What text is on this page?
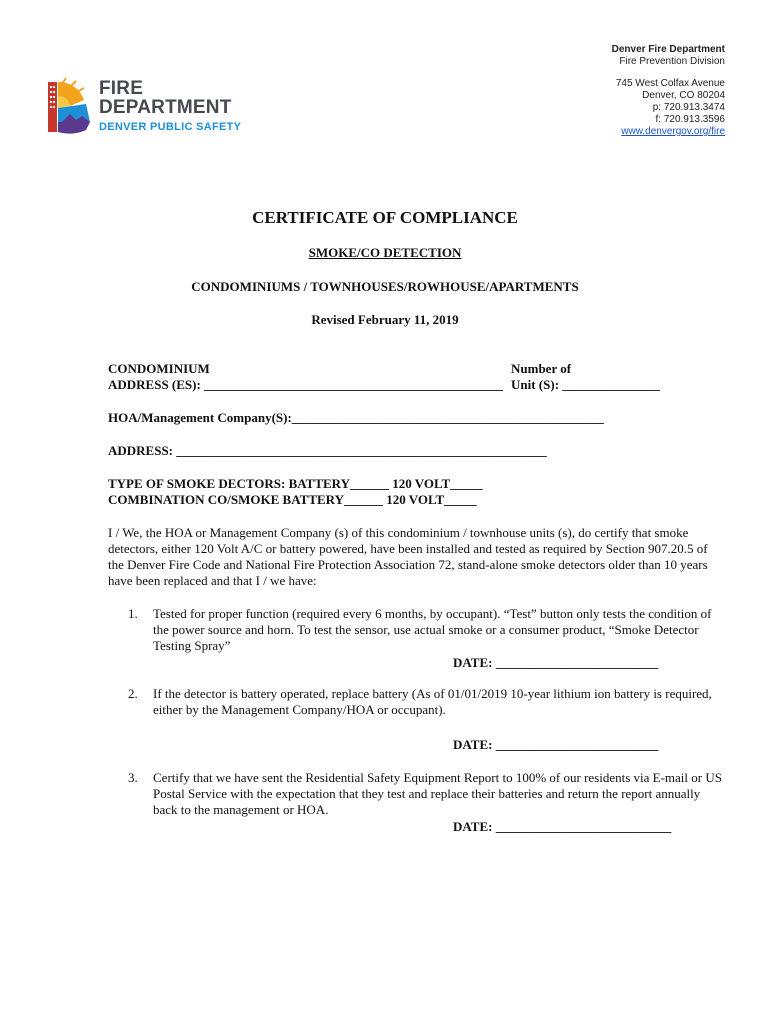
Denver Fire Department
Fire Prevention Division
745 West Colfax Avenue
Denver, CO 80204
p: 720.913.3474
f: 720.913.3596
www.denvergov.org/fire
FIRE
DEPARTMENT
DENVER PUBLIC SAFETY
CERTIFICATE OF COMPLIANCE
SMOKE/CO DETECTION
CONDOMINIUMS / TOWNHOUSES/ROWHOUSE/APARTMENTS
Revised February 11, 2019
CONDOMINIUM
ADDRESS (ES): ______________________________________________
Number of
Unit (S): _______________
HOA/Management Company(S):________________________________________________
ADDRESS: _________________________________________________________
TYPE OF SMOKE DECTORS: BATTERY______ 120 VOLT_____
COMBINATION CO/SMOKE BATTERY______ 120 VOLT_____
I / We, the HOA or Management Company (s) of this condominium / townhouse units (s), do certify that smoke detectors, either 120 Volt A/C or battery powered, have been installed and tested as required by Section 907.20.5 of the Denver Fire Code and National Fire Protection Association 72, stand-alone smoke detectors older than 10 years have been replaced and that I / we have:
1. Tested for proper function (required every 6 months, by occupant). “Test” button only tests the condition of the power source and horn. To test the sensor, use actual smoke or a consumer product, “Smoke Detector Testing Spray”
DATE: _________________________
2. If the detector is battery operated, replace battery (As of 01/01/2019 10-year lithium ion battery is required, either by the Management Company/HOA or occupant).
DATE: _________________________
3. Certify that we have sent the Residential Safety Equipment Report to 100% of our residents via E-mail or US Postal Service with the expectation that they test and replace their batteries and return the report annually back to the management or HOA.
DATE: ___________________________
